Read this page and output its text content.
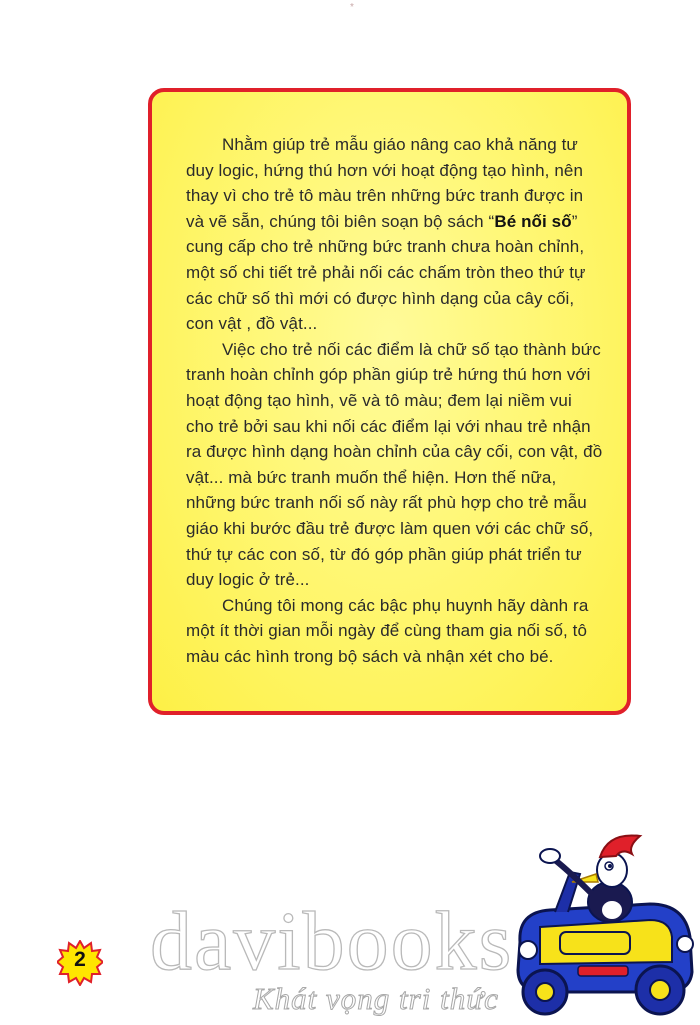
*

Nhằm giúp trẻ mẫu giáo nâng cao khả năng tư duy logic, hứng thú hơn với hoạt động tạo hình, nên thay vì cho trẻ tô màu trên những bức tranh được in và vẽ sẵn, chúng tôi biên soạn bộ sách “Bé nối số” cung cấp cho trẻ những bức tranh chưa hoàn chỉnh, một số chi tiết trẻ phải nối các chấm tròn theo thứ tự các chữ số thì mới có được hình dạng của cây cối, con vật , đồ vật...

Việc cho trẻ nối các điểm là chữ số tạo thành bức tranh hoàn chỉnh góp phần giúp trẻ hứng thú hơn với hoạt động tạo hình, vẽ và tô màu; đem lại niềm vui cho trẻ bởi sau khi nối các điểm lại với nhau trẻ nhận ra được hình dạng hoàn chỉnh của cây cối, con vật, đồ vật... mà bức tranh muốn thể hiện. Hơn thế nữa, những bức tranh nối số này rất phù hợp cho trẻ mẫu giáo khi bước đầu trẻ được làm quen với các chữ số, thứ tự các con số, từ đó góp phần giúp phát triển tư duy logic ở trẻ...

Chúng tôi mong các bậc phụ huynh hãy dành ra một ít thời gian mỗi ngày để cùng tham gia nối số, tô màu các hình trong bộ sách và nhận xét cho bé.

2 davibooks
Khát vọng tri thức
